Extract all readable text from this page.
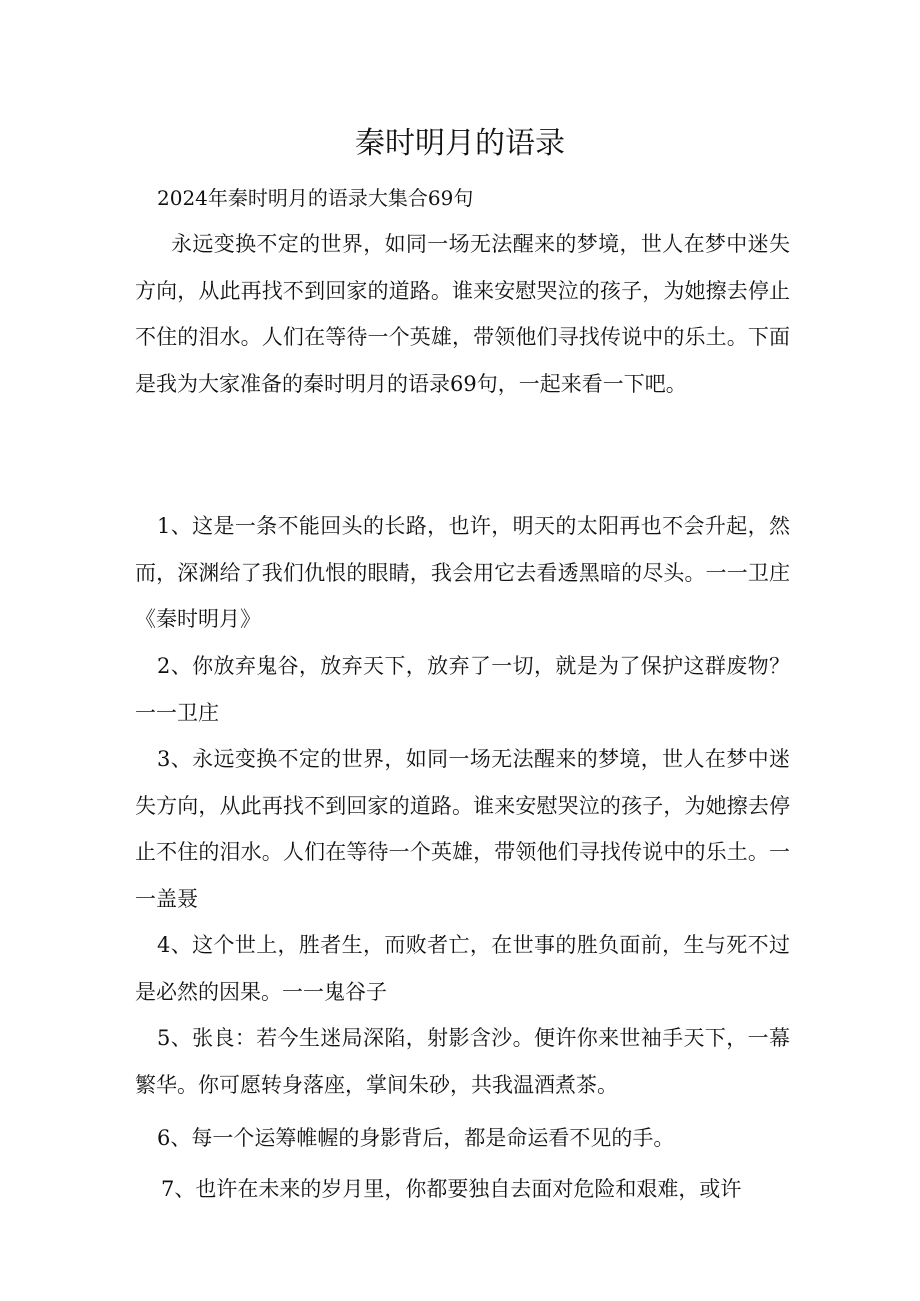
秦时明月的语录

2024年秦时明月的语录大集合69句

永远变换不定的世界，如同一场无法醒来的梦境，世人在梦中迷失方向，从此再找不到回家的道路。谁来安慰哭泣的孩子，为她擦去停止不住的泪水。人们在等待一个英雄，带领他们寻找传说中的乐土。下面是我为大家准备的秦时明月的语录69句，一起来看一下吧。

1、这是一条不能回头的长路，也许，明天的太阳再也不会升起，然而，深渊给了我们仇恨的眼睛，我会用它去看透黑暗的尽头。一一卫庄《秦时明月》

2、你放弃鬼谷，放弃天下，放弃了一切，就是为了保护这群废物？一一卫庄

3、永远变换不定的世界，如同一场无法醒来的梦境，世人在梦中迷失方向，从此再找不到回家的道路。谁来安慰哭泣的孩子，为她擦去停止不住的泪水。人们在等待一个英雄，带领他们寻找传说中的乐土。一一盖聂

4、这个世上，胜者生，而败者亡，在世事的胜负面前，生与死不过是必然的因果。一一鬼谷子

5、张良：若今生迷局深陷，射影含沙。便许你来世袖手天下，一幕繁华。你可愿转身落座，掌间朱砂，共我温酒煮茶。

6、每一个运筹帷幄的身影背后，都是命运看不见的手。

7、也许在未来的岁月里，你都要独自去面对危险和艰难，或许
